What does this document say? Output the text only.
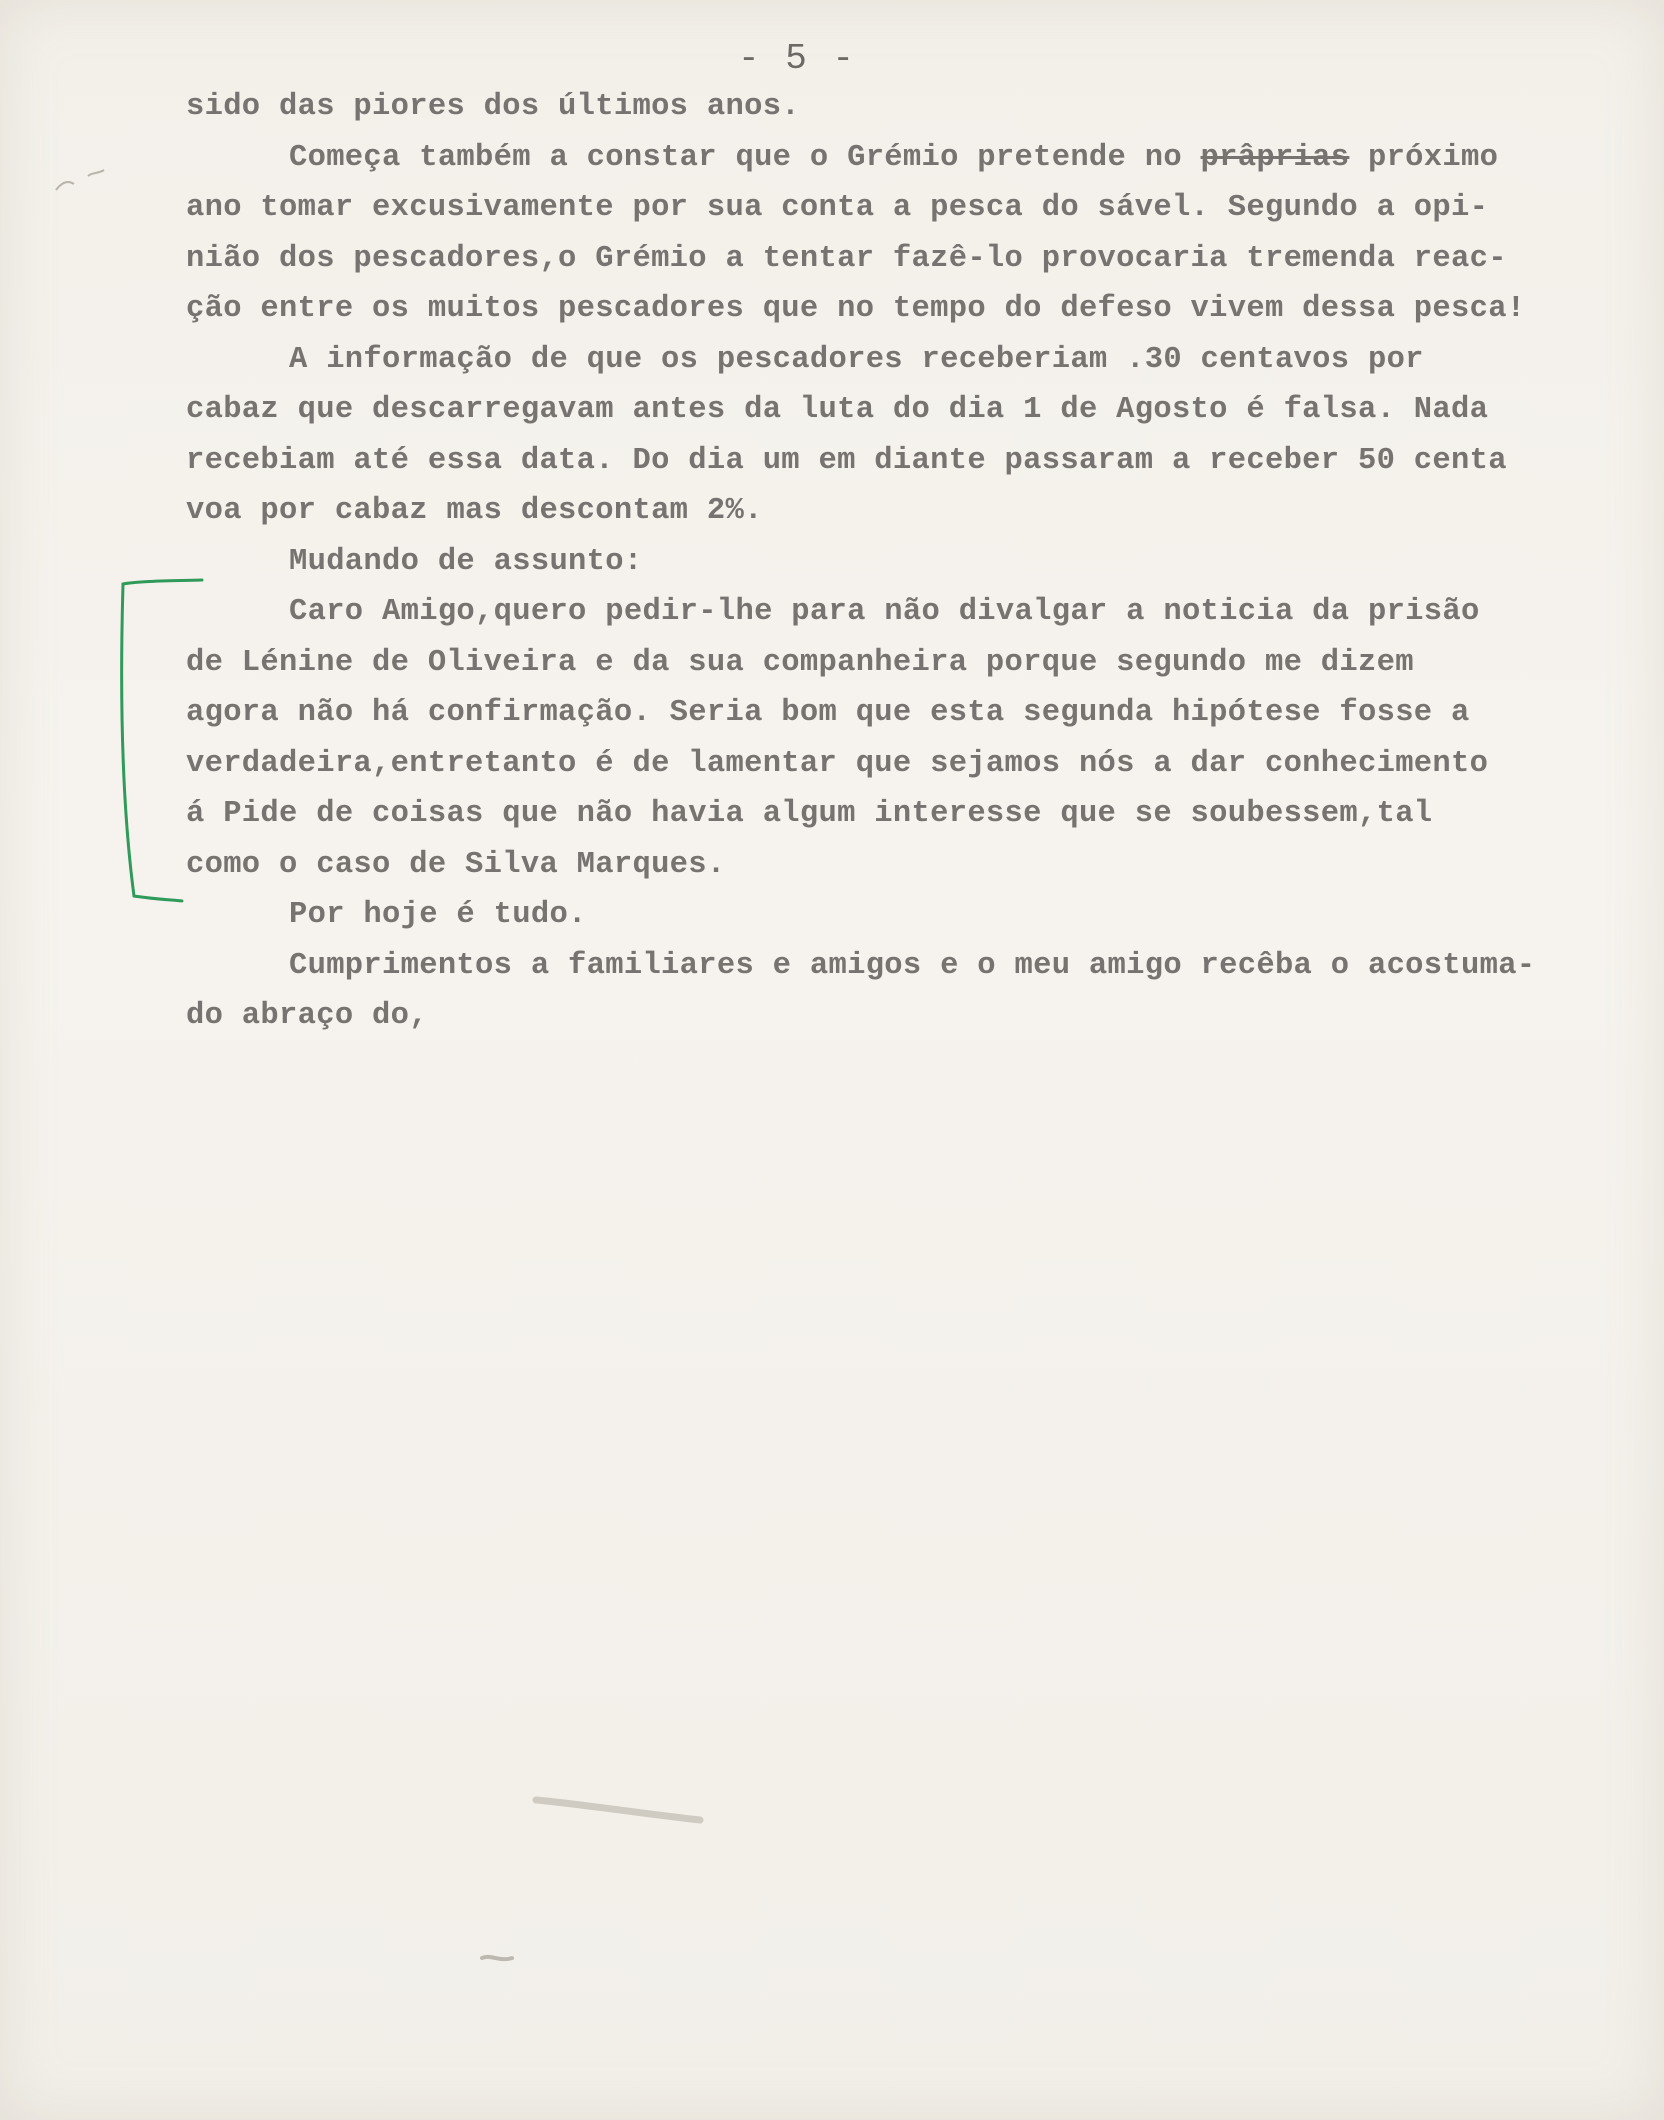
- 5 -
sido das piores dos últimos anos.
Começa também a constar que o Grémio pretende no prâprias próximo
ano tomar excusivamente por sua conta a pesca do sável. Segundo a opi-
nião dos pescadores,o Grémio a tentar fazê-lo provocaria tremenda reac-
ção entre os muitos pescadores que no tempo do defeso vivem dessa pesca!
A informação de que os pescadores receberiam .30 centavos por
cabaz que descarregavam antes da luta do dia 1 de Agosto é falsa. Nada
recebiam até essa data. Do dia um em diante passaram a receber 50 centa
voa por cabaz mas descontam 2%.
Mudando de assunto:
Caro Amigo,quero pedir-lhe para não divalgar a noticia da prisão
de Lénine de Oliveira e da sua companheira porque segundo me dizem
agora não há confirmação. Seria bom que esta segunda hipótese fosse a
verdadeira,entretanto é de lamentar que sejamos nós a dar conhecimento
á Pide de coisas que não havia algum interesse que se soubessem,tal
como o caso de Silva Marques.
Por hoje é tudo.
Cumprimentos a familiares e amigos e o meu amigo recêba o acostuma-
do abraço do,
